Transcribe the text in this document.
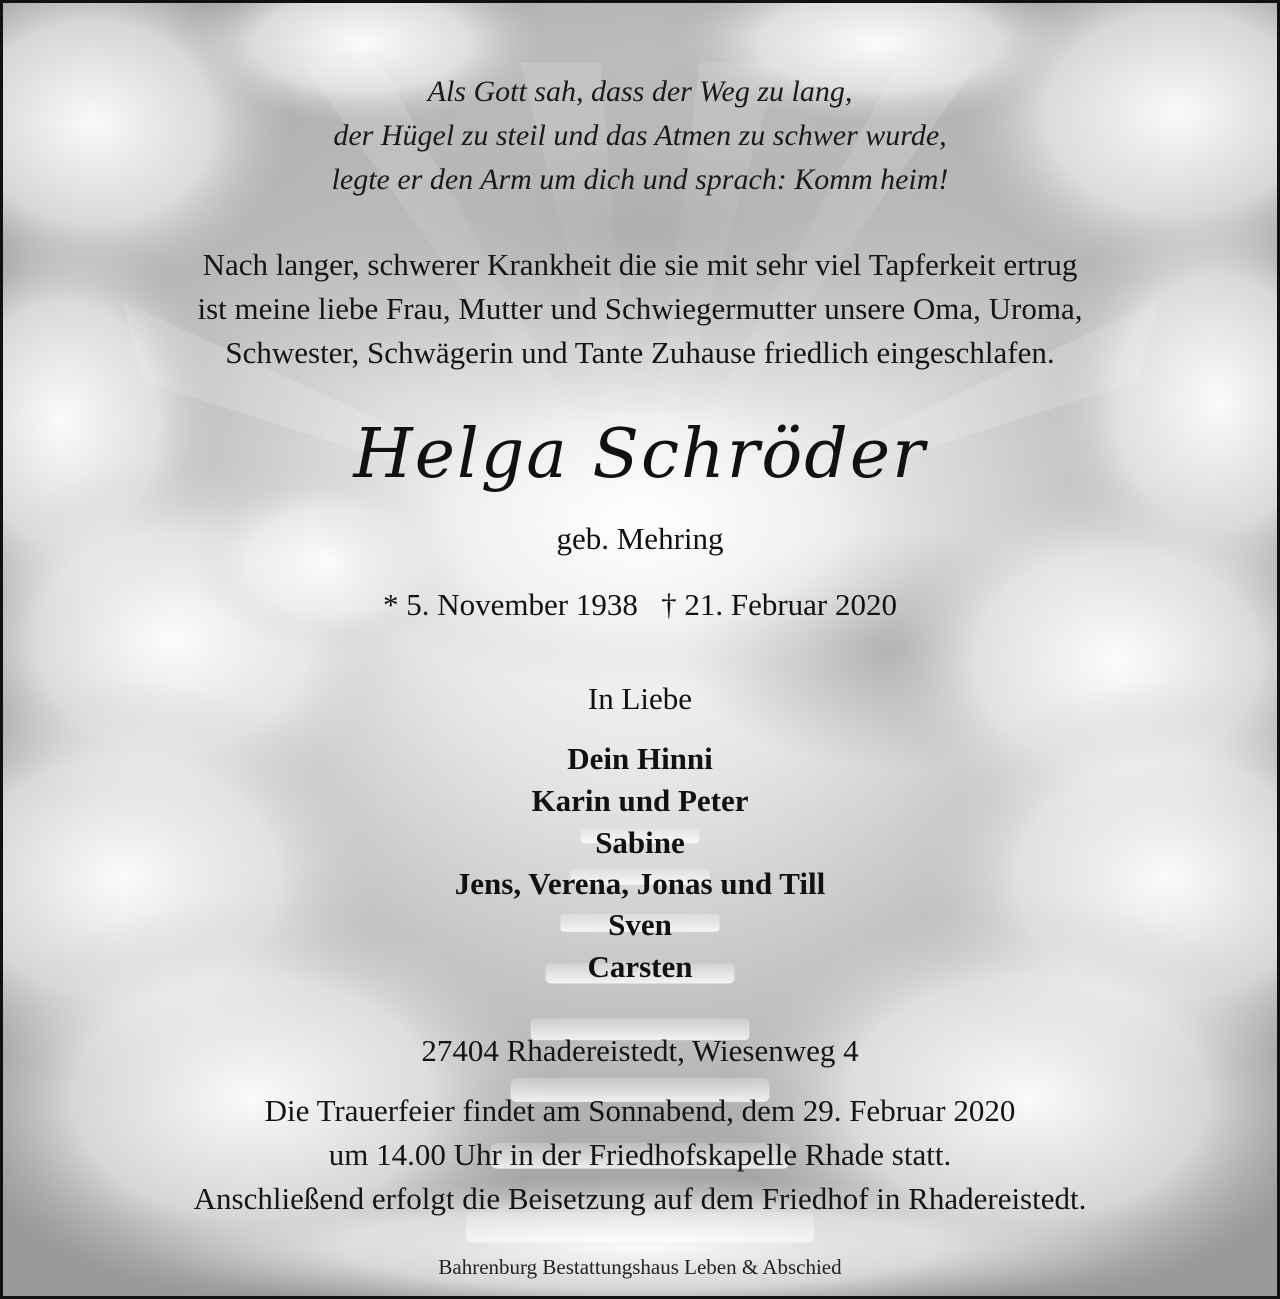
Als Gott sah, dass der Weg zu lang,
der Hügel zu steil und das Atmen zu schwer wurde,
legte er den Arm um dich und sprach: Komm heim!
Nach langer, schwerer Krankheit die sie mit sehr viel Tapferkeit ertrug
ist meine liebe Frau, Mutter und Schwiegermutter unsere Oma, Uroma,
Schwester, Schwägerin und Tante Zuhause friedlich eingeschlafen.
Helga Schröder
geb. Mehring
* 5. November 1938   † 21. Februar 2020
In Liebe
Dein Hinni
Karin und Peter
Sabine
Jens, Verena, Jonas und Till
Sven
Carsten
27404 Rhadereistedt, Wiesenweg 4
Die Trauerfeier findet am Sonnabend, dem 29. Februar 2020
um 14.00 Uhr in der Friedhofskapelle Rhade statt.
Anschließend erfolgt die Beisetzung auf dem Friedhof in Rhadereistedt.
Bahrenburg Bestattungshaus Leben & Abschied
